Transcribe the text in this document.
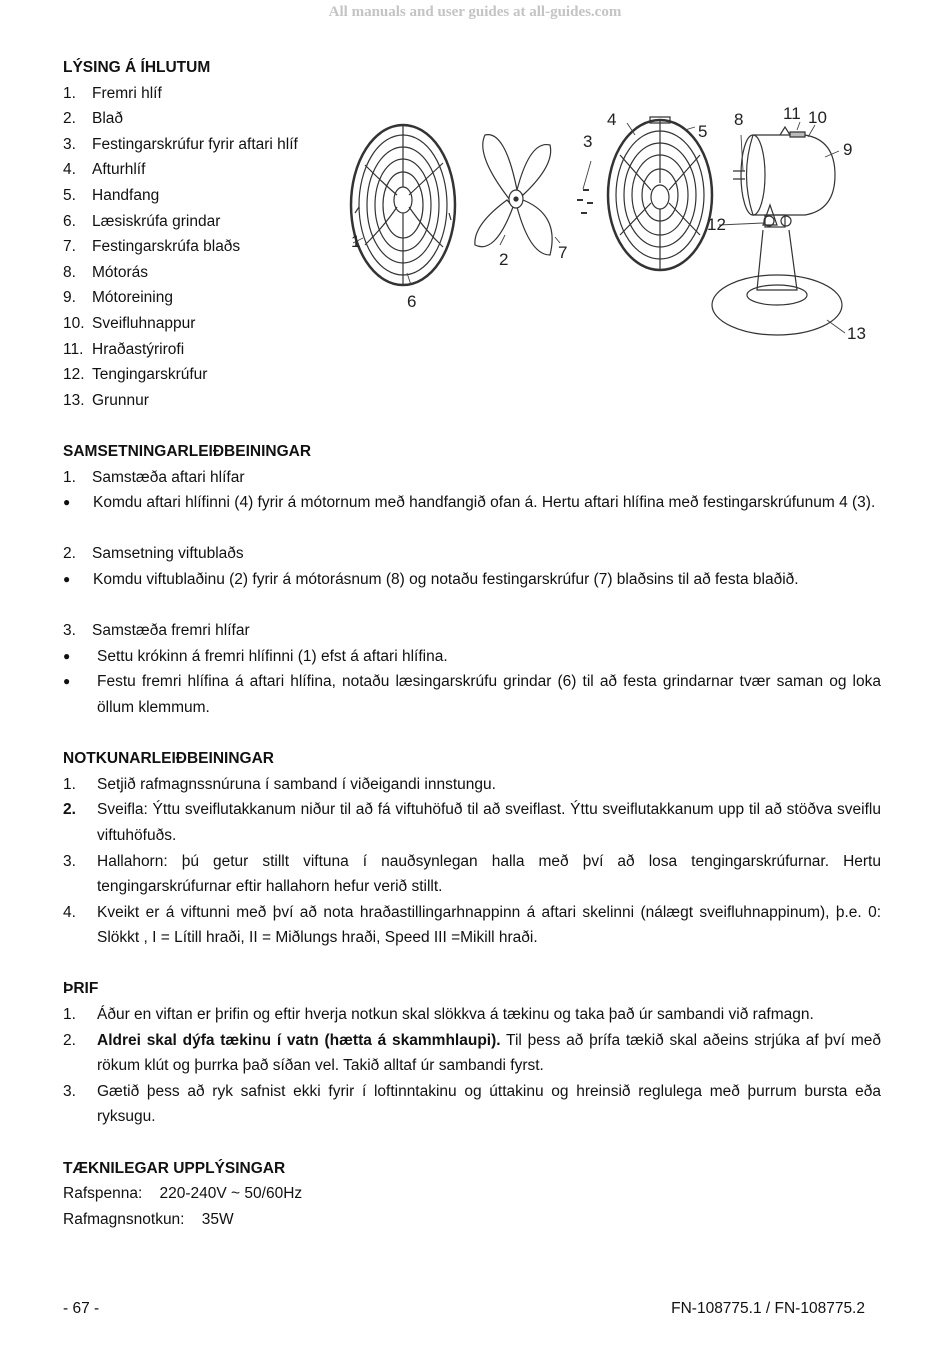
All manuals and user guides at all-guides.com
LÝSING Á ÍHLUTUM
1.	Fremri hlíf
2.	Blað
3.	Festingarskrúfur fyrir aftari hlíf
4.	Afturhlíf
5.	Handfang
6.	Læsiskrúfa grindar
7.	Festingarskrúfa blaðs
8.	Mótorás
9.	Mótoreining
10. Sveifluhnappur
11. Hraðastýrirofi
12. Tengingarskrúfur
13. Grunnur
1
2
3
4
5
6
7
8
9
10
11
12
13
SAMSETNINGARLEIÐBEININGAR
1.	Samstæða aftari hlífar
●	Komdu aftari hlífinni (4) fyrir á mótornum með handfangið ofan á. Hertu aftari hlífina með festingarskrúfunum 4 (3).
2.	Samsetning viftublaðs
●	Komdu viftublaðinu (2) fyrir á mótorásnum (8) og notaðu festingarskrúfur (7) blaðsins til að festa blaðið.
3.	Samstæða fremri hlífar
●	Settu krókinn á fremri hlífinni (1) efst á aftari hlífina.
●	Festu fremri hlífina á aftari hlífina, notaðu læsingarskrúfu grindar (6) til að festa grindarnar tvær saman og loka öllum klemmum.
NOTKUNARLEIÐBEININGAR
1.	Setjið rafmagnssnúruna í samband í viðeigandi innstungu.
2.	Sveifla: Ýttu sveiflutakkanum niður til að fá viftuhöfuð til að sveiflast. Ýttu sveiflutakkanum upp til að stöðva sveiflu viftuhöfuðs.
3.	Hallahorn: þú getur stillt viftuna í nauðsynlegan halla með því að losa tengingarskrúfurnar. Hertu tengingarskrúfurnar eftir hallahorn hefur verið stillt.
4.	Kveikt er á viftunni með því að nota hraðastillingarhnappinn á aftari skelinni (nálægt sveifluhnappinum), þ.e. 0: Slökkt , I = Lítill hraði, II = Miðlungs hraði, Speed III =Mikill hraði.
ÞRIF
1.	Áður en viftan er þrifin og eftir hverja notkun skal slökkva á tækinu og taka það úr sambandi við rafmagn.
2.	Aldrei skal dýfa tækinu í vatn (hætta á skammhlaupi). Til þess að þrífa tækið skal aðeins strjúka af því með rökum klút og þurrka það síðan vel. Takið alltaf úr sambandi fyrst.
3.	Gætið þess að ryk safnist ekki fyrir í loftinntakinu og úttakinu og hreinsið reglulega með þurrum bursta eða ryksugu.
TÆKNILEGAR UPPLÝSINGAR
Rafspenna: 220-240V ~ 50/60Hz
Rafmagnsnotkun: 35W
- 67 -	FN-108775.1 / FN-108775.2
